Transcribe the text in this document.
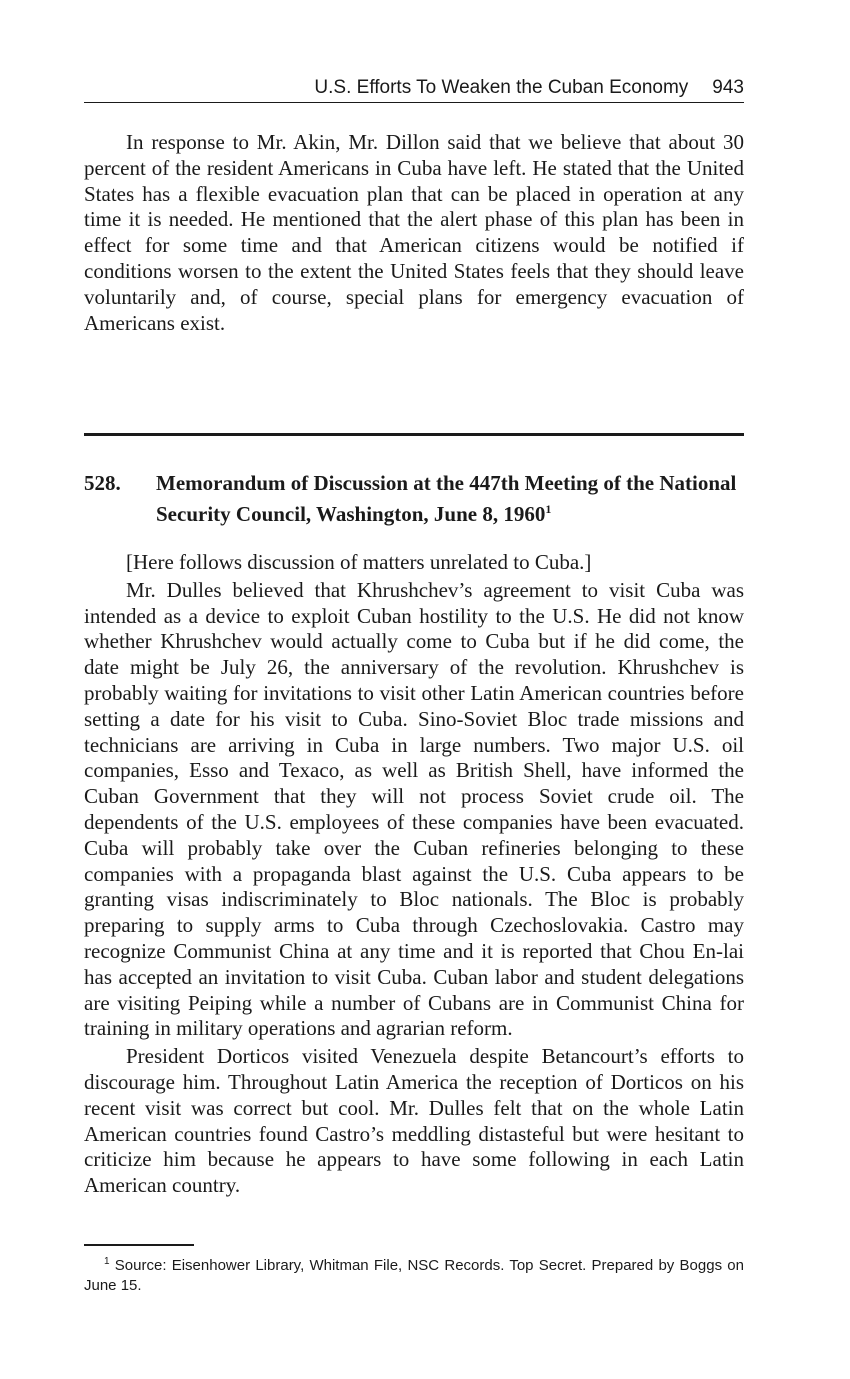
U.S. Efforts To Weaken the Cuban Economy 943

In response to Mr. Akin, Mr. Dillon said that we believe that about 30 percent of the resident Americans in Cuba have left. He stated that the United States has a flexible evacuation plan that can be placed in operation at any time it is needed. He mentioned that the alert phase of this plan has been in effect for some time and that American citizens would be notified if conditions worsen to the extent the United States feels that they should leave voluntarily and, of course, special plans for emergency evacuation of Americans exist.

528. Memorandum of Discussion at the 447th Meeting of the National Security Council, Washington, June 8, 1960$^1$

[Here follows discussion of matters unrelated to Cuba.]

Mr. Dulles believed that Khrushchev’s agreement to visit Cuba was intended as a device to exploit Cuban hostility to the U.S. He did not know whether Khrushchev would actually come to Cuba but if he did come, the date might be July 26, the anniversary of the revolution. Khrushchev is probably waiting for invitations to visit other Latin American countries before setting a date for his visit to Cuba. Sino-Soviet Bloc trade missions and technicians are arriving in Cuba in large numbers. Two major U.S. oil companies, Esso and Texaco, as well as British Shell, have informed the Cuban Government that they will not process Soviet crude oil. The dependents of the U.S. employees of these companies have been evacuated. Cuba will probably take over the Cuban refineries belonging to these companies with a propaganda blast against the U.S. Cuba appears to be granting visas indiscriminately to Bloc nationals. The Bloc is probably preparing to supply arms to Cuba through Czechoslovakia. Castro may recognize Communist China at any time and it is reported that Chou En-lai has accepted an invitation to visit Cuba. Cuban labor and student delegations are visiting Peiping while a number of Cubans are in Communist China for training in military operations and agrarian reform.

President Dorticos visited Venezuela despite Betancourt’s efforts to discourage him. Throughout Latin America the reception of Dorticos on his recent visit was correct but cool. Mr. Dulles felt that on the whole Latin American countries found Castro’s meddling distasteful but were hesitant to criticize him because he appears to have some following in each Latin American country.

$^1$ Source: Eisenhower Library, Whitman File, NSC Records. Top Secret. Prepared by Boggs on June 15.
